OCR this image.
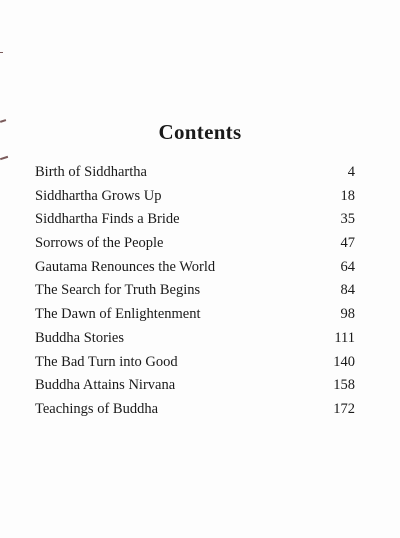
Contents
Birth of Siddhartha	4
Siddhartha Grows Up	18
Siddhartha Finds a Bride	35
Sorrows of the People	47
Gautama Renounces the World	64
The Search for Truth Begins	84
The Dawn of Enlightenment	98
Buddha Stories	111
The Bad Turn into Good	140
Buddha Attains Nirvana	158
Teachings of Buddha	172
